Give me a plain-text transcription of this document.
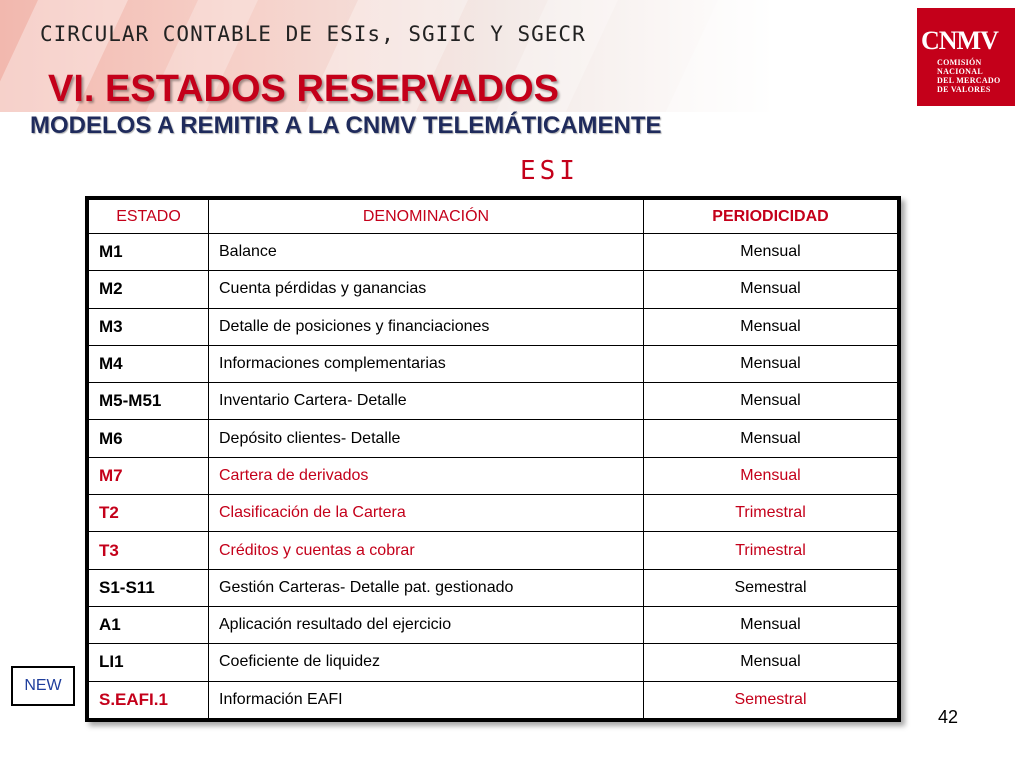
CIRCULAR CONTABLE DE ESIs, SGIIC Y SGECR
VI. ESTADOS RESERVADOS
MODELOS A REMITIR A LA CNMV TELEMÁTICAMENTE
ESI
CNMV
COMISIÓN
NACIONAL
DEL MERCADO
DE VALORES
ESTADO	DENOMINACIÓN	PERIODICIDAD
M1	Balance	Mensual
M2	Cuenta pérdidas y ganancias	Mensual
M3	Detalle de posiciones y financiaciones	Mensual
M4	Informaciones complementarias	Mensual
M5-M51	Inventario Cartera- Detalle	Mensual
M6	Depósito clientes- Detalle	Mensual
M7	Cartera de derivados	Mensual
T2	Clasificación de la Cartera	Trimestral
T3	Créditos y cuentas a cobrar	Trimestral
S1-S11	Gestión Carteras- Detalle pat. gestionado	Semestral
A1	Aplicación resultado del ejercicio	Mensual
LI1	Coeficiente de liquidez	Mensual
S.EAFI.1	Información EAFI	Semestral
NEW
42
